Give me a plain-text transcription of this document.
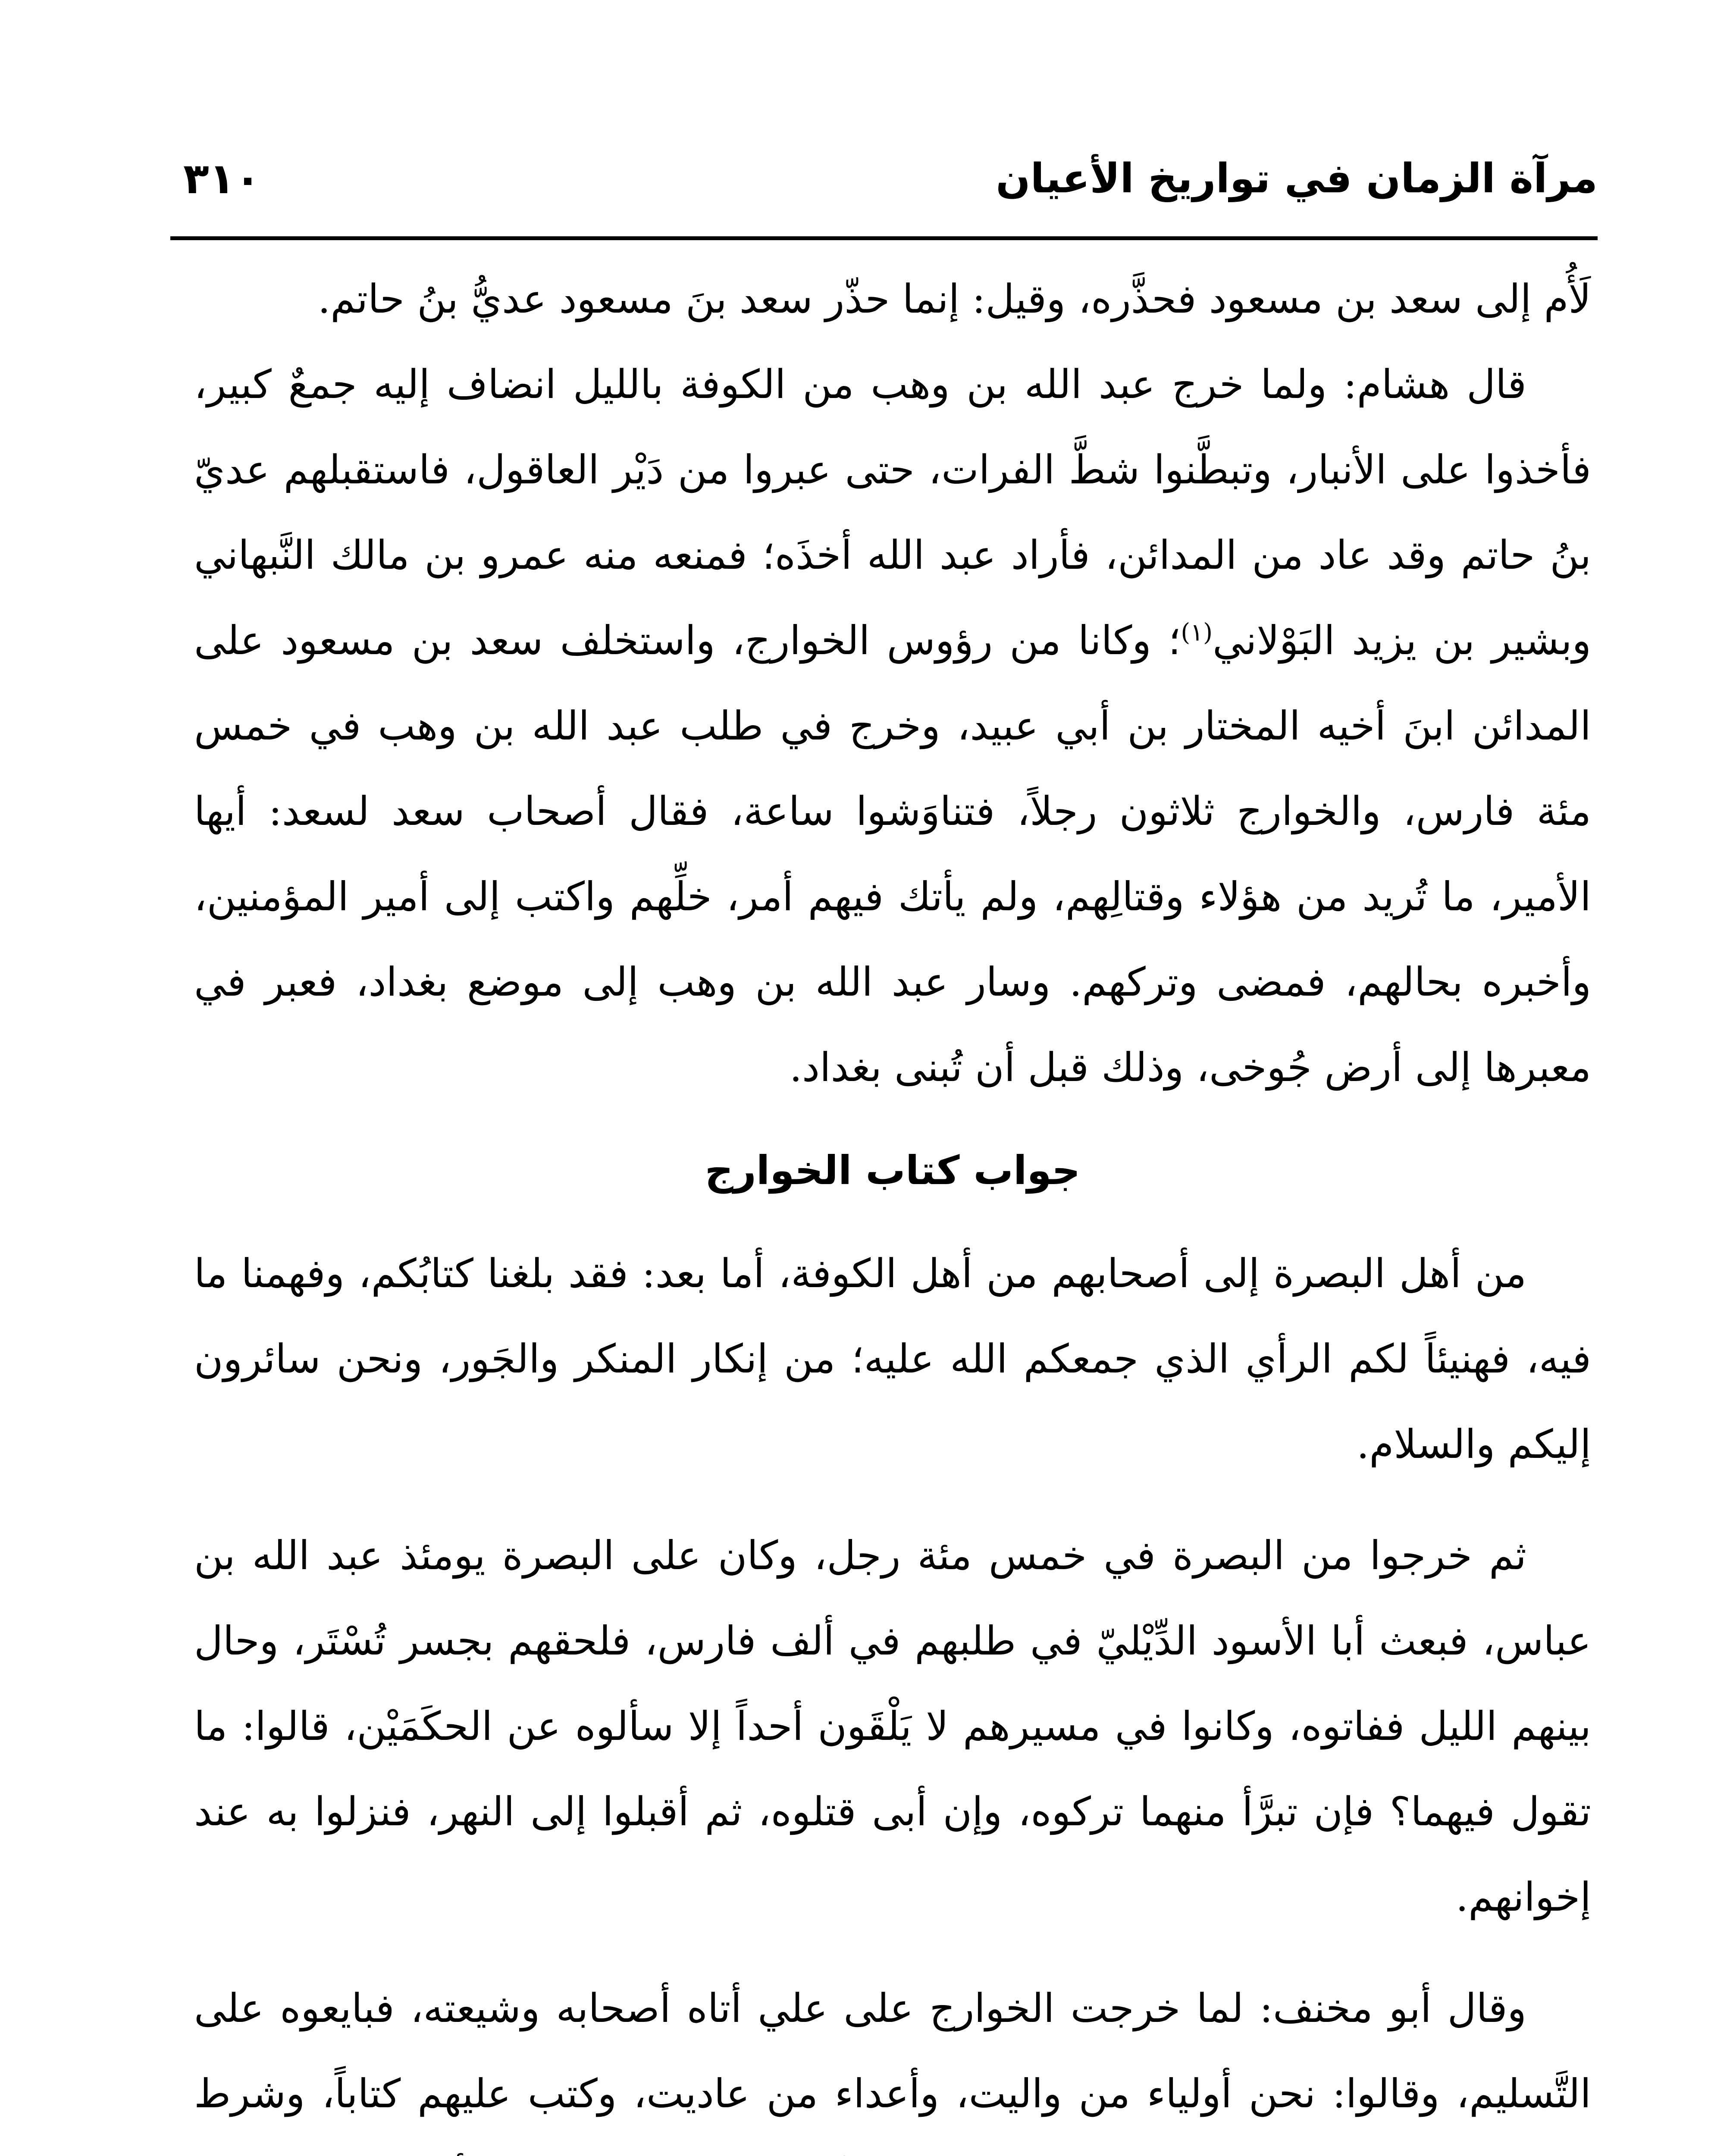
مرآة الزمان في تواريخ الأعيان
٣١٠

لَأُم إلى سعد بن مسعود فحذَّره، وقيل: إنما حذّر سعد بنَ مسعود عديُّ بنُ حاتم.

قال هشام: ولما خرج عبد الله بن وهب من الكوفة بالليل انضاف إليه جمعٌ كبير، فأخذوا على الأنبار، وتبطَّنوا شطَّ الفرات، حتى عبروا من دَيْر العاقول، فاستقبلهم عديّ بنُ حاتم وقد عاد من المدائن، فأراد عبد الله أخذَه؛ فمنعه منه عمرو بن مالك النَّبهاني وبشير بن يزيد البَوْلاني$^{(١)}$؛ وكانا من رؤوس الخوارج، واستخلف سعد بن مسعود على المدائن ابنَ أخيه المختار بن أبي عبيد، وخرج في طلب عبد الله بن وهب في خمس مئة فارس، والخوارج ثلاثون رجلاً، فتناوَشوا ساعة، فقال أصحاب سعد لسعد: أيها الأمير، ما تُريد من هؤلاء وقتالِهم، ولم يأتك فيهم أمر، خلِّهم واكتب إلى أمير المؤمنين، وأخبره بحالهم، فمضى وتركهم. وسار عبد الله بن وهب إلى موضع بغداد، فعبر في معبرها إلى أرض جُوخى، وذلك قبل أن تُبنى بغداد.

جواب كتاب الخوارج

من أهل البصرة إلى أصحابهم من أهل الكوفة، أما بعد: فقد بلغنا كتابُكم، وفهمنا ما فيه، فهنيئاً لكم الرأي الذي جمعكم الله عليه؛ من إنكار المنكر والجَور، ونحن سائرون إليكم والسلام.

ثم خرجوا من البصرة في خمس مئة رجل، وكان على البصرة يومئذ عبد الله بن عباس، فبعث أبا الأسود الدِّيْليّ في طلبهم في ألف فارس، فلحقهم بجسر تُسْتَر، وحال بينهم الليل ففاتوه، وكانوا في مسيرهم لا يَلْقَون أحداً إلا سألوه عن الحكَمَيْن، قالوا: ما تقول فيهما؟ فإن تبرَّأ منهما تركوه، وإن أبى قتلوه، ثم أقبلوا إلى النهر، فنزلوا به عند إخوانهم.

وقال أبو مخنف: لما خرجت الخوارج على علي أتاه أصحابه وشيعته، فبايعوه على التَّسليم، وقالوا: نحن أولياء من واليت، وأعداء من عاديت، وكتب عليهم كتاباً، وشرط
